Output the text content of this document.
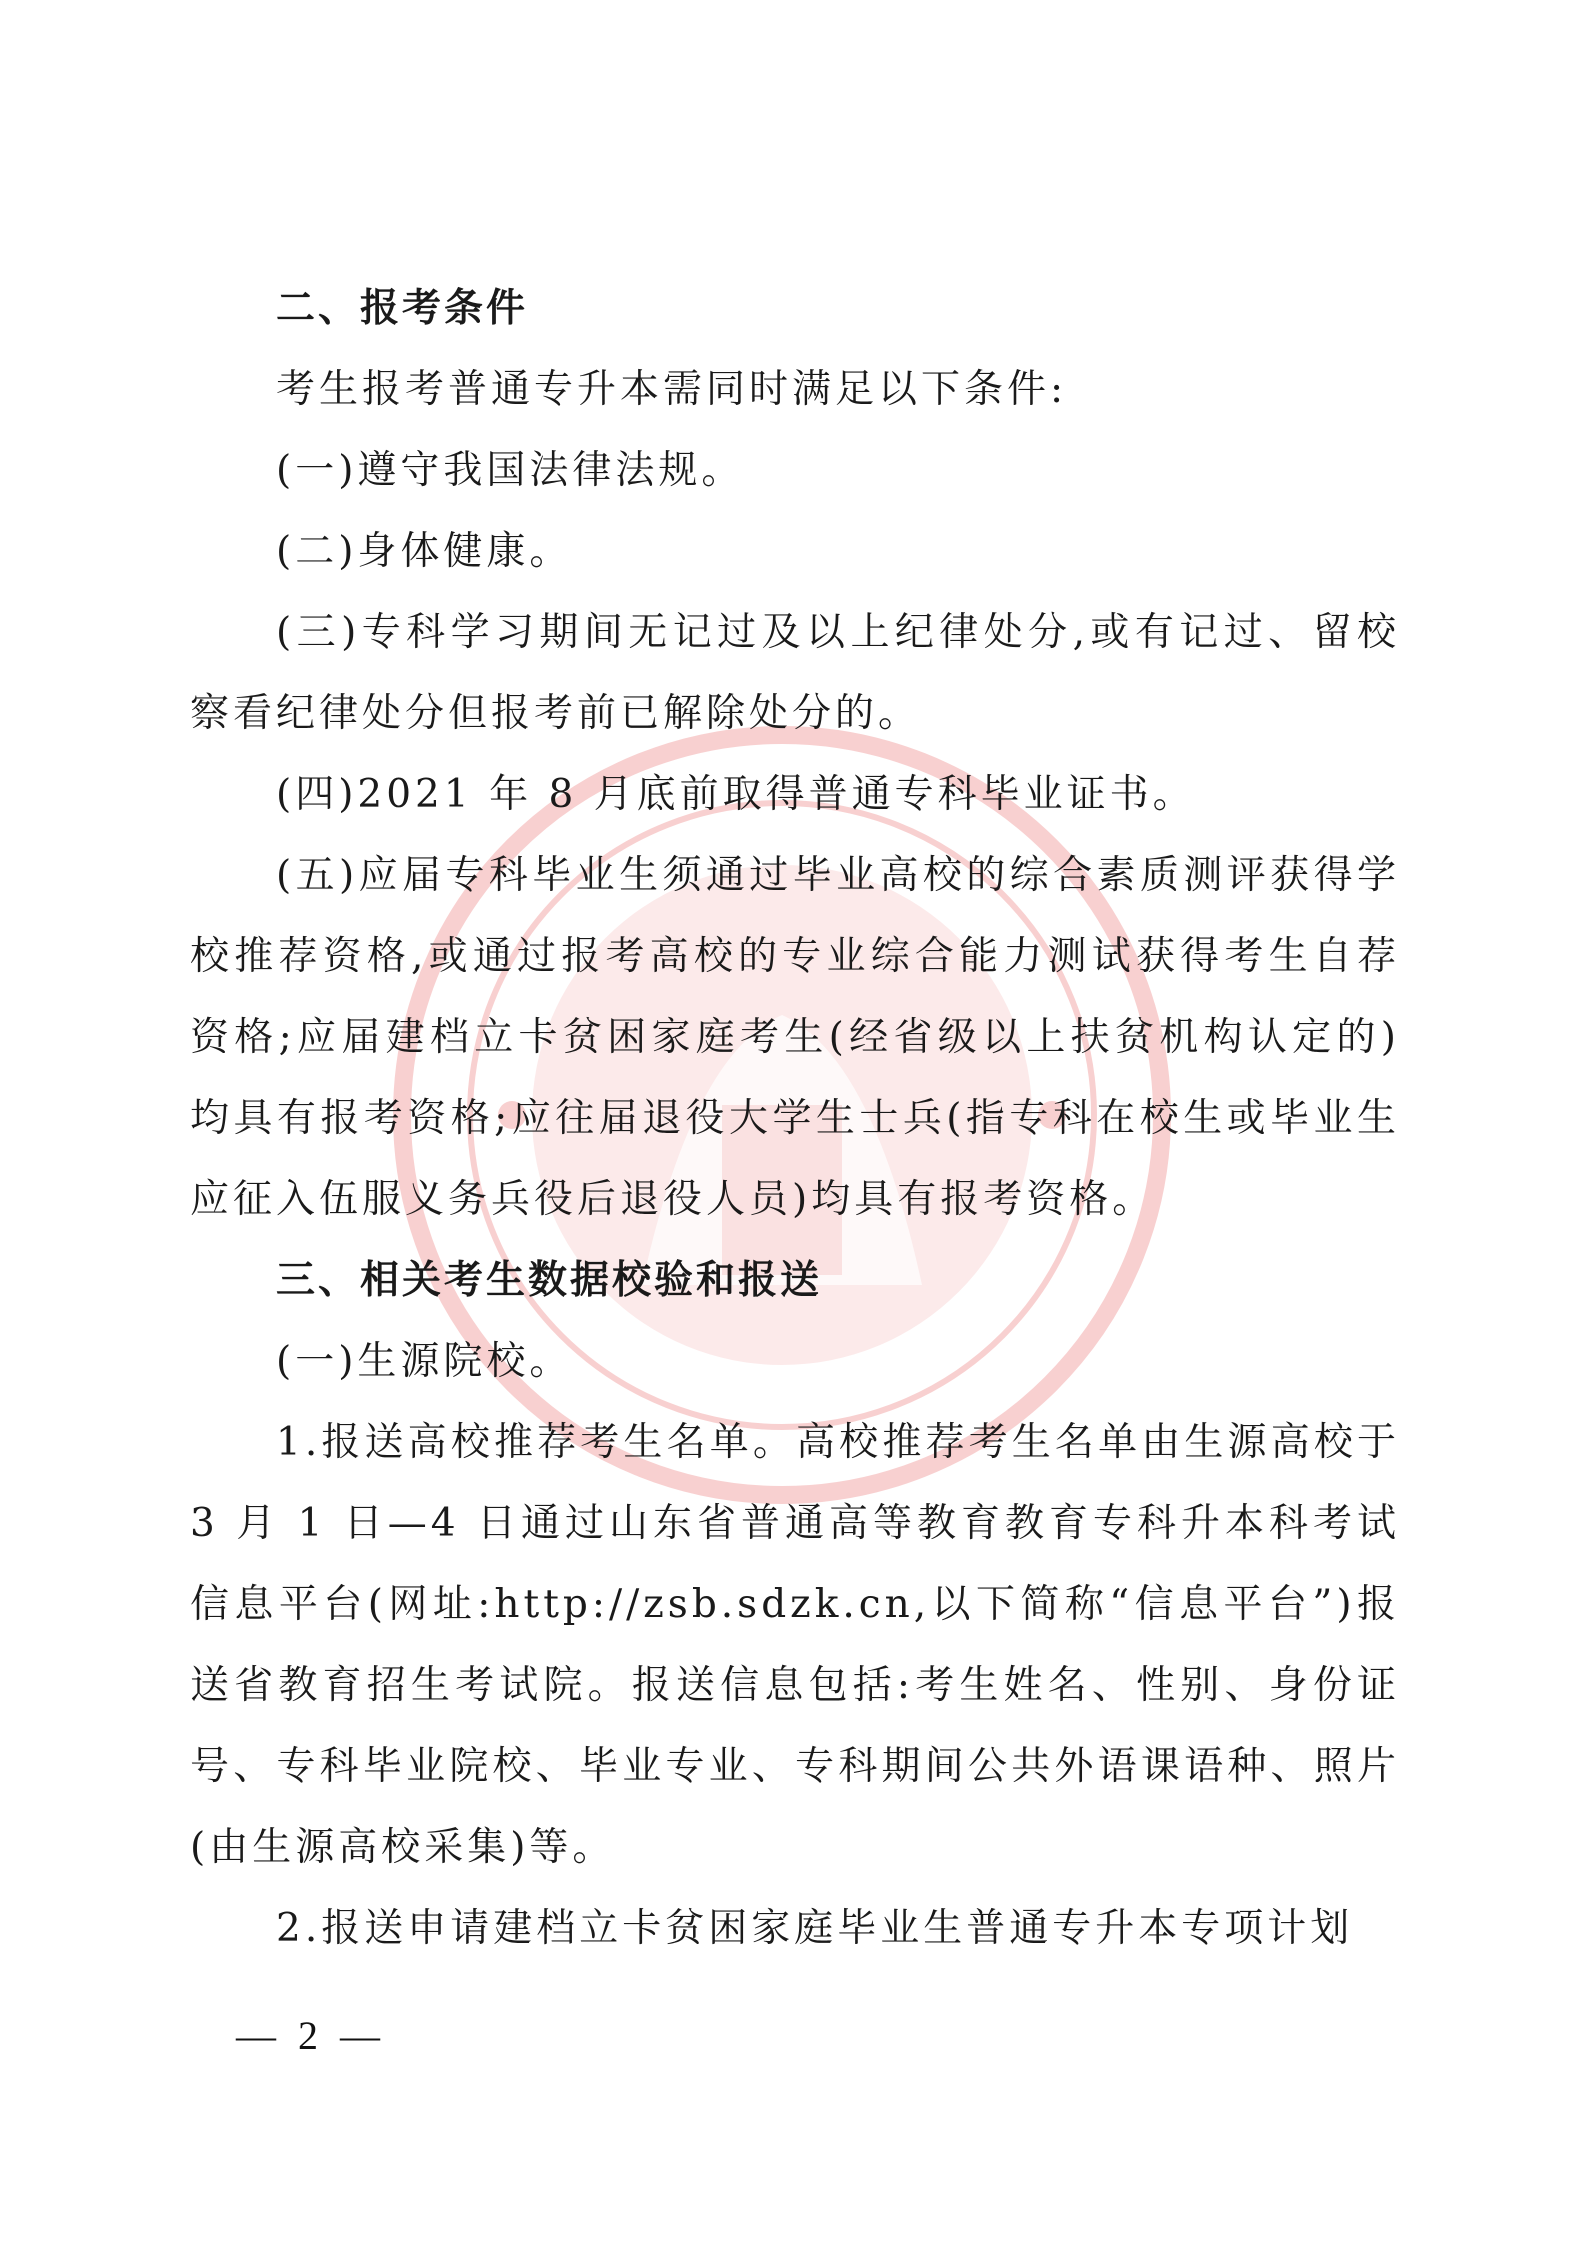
二、报考条件

考生报考普通专升本需同时满足以下条件:

(一)遵守我国法律法规。

(二)身体健康。

(三)专科学习期间无记过及以上纪律处分,或有记过、留校察看纪律处分但报考前已解除处分的。

(四)2021 年 8 月底前取得普通专科毕业证书。

(五)应届专科毕业生须通过毕业高校的综合素质测评获得学校推荐资格,或通过报考高校的专业综合能力测试获得考生自荐资格;应届建档立卡贫困家庭考生(经省级以上扶贫机构认定的)均具有报考资格;应往届退役大学生士兵(指专科在校生或毕业生应征入伍服义务兵役后退役人员)均具有报考资格。

三、相关考生数据校验和报送

(一)生源院校。

1.报送高校推荐考生名单。高校推荐考生名单由生源高校于 3 月 1 日—4 日通过山东省普通高等教育教育专科升本科考试信息平台(网址:http://zsb.sdzk.cn,以下简称“信息平台”)报送省教育招生考试院。报送信息包括:考生姓名、性别、身份证号、专科毕业院校、毕业专业、专科期间公共外语课语种、照片(由生源高校采集)等。

2.报送申请建档立卡贫困家庭毕业生普通专升本专项计划

— 2 —
